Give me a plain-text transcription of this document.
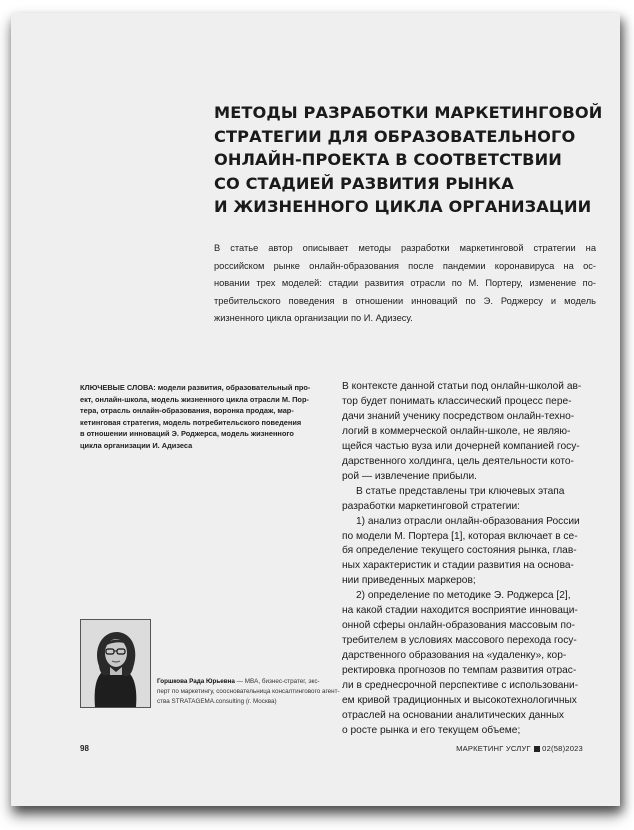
МЕТОДЫ РАЗРАБОТКИ МАРКЕТИНГОВОЙ
СТРАТЕГИИ ДЛЯ ОБРАЗОВАТЕЛЬНОГО
ОНЛАЙН-ПРОЕКТА В СООТВЕТСТВИИ
СО СТАДИЕЙ РАЗВИТИЯ РЫНКА
И ЖИЗНЕННОГО ЦИКЛА ОРГАНИЗАЦИИ
В статье автор описывает методы разработки маркетинговой стратегии на
российском рынке онлайн-образования после пандемии коронавируса на ос-
новании трех моделей: стадии развития отрасли по М. Портеру, изменение по-
требительского поведения в отношении инноваций по Э. Роджерсу и модель
жизненного цикла организации по И. Адизесу.
КЛЮЧЕВЫЕ СЛОВА: модели развития, образовательный про-
ект, онлайн-школа, модель жизненного цикла отрасли М. Пор-
тера, отрасль онлайн-образования, воронка продаж, мар-
кетинговая стратегия, модель потребительского поведения
в отношении инноваций Э. Роджерса, модель жизненного
цикла организации И. Адизеса
В контексте данной статьи под онлайн-школой ав-
тор будет понимать классический процесс пере-
дачи знаний ученику посредством онлайн-техно-
логий в коммерческой онлайн-школе, не являю-
щейся частью вуза или дочерней компанией госу-
дарственного холдинга, цель деятельности кото-
рой — извлечение прибыли.
В статье представлены три ключевых этапа
разработки маркетинговой стратегии:
1) анализ отрасли онлайн-образования России
по модели М. Портера [1], которая включает в се-
бя определение текущего состояния рынка, глав-
ных характеристик и стадии развития на основа-
нии приведенных маркеров;
2) определение по методике Э. Роджерса [2],
на какой стадии находится восприятие инноваци-
онной сферы онлайн-образования массовым по-
требителем в условиях массового перехода госу-
дарственного образования на «удаленку», кор-
ректировка прогнозов по темпам развития отрас-
ли в среднесрочной перспективе с использовани-
ем кривой традиционных и высокотехнологичных
отраслей на основании аналитических данных
о росте рынка и его текущем объеме;
Горшкова Рада Юрьевна — MBA, бизнес-стратег, экс-
перт по маркетингу, соосновательница консалтингового агент-
ства STRATAGEMA.consulting (г. Москва)
98	МАРКЕТИНГ УСЛУГ 02(58)2023
